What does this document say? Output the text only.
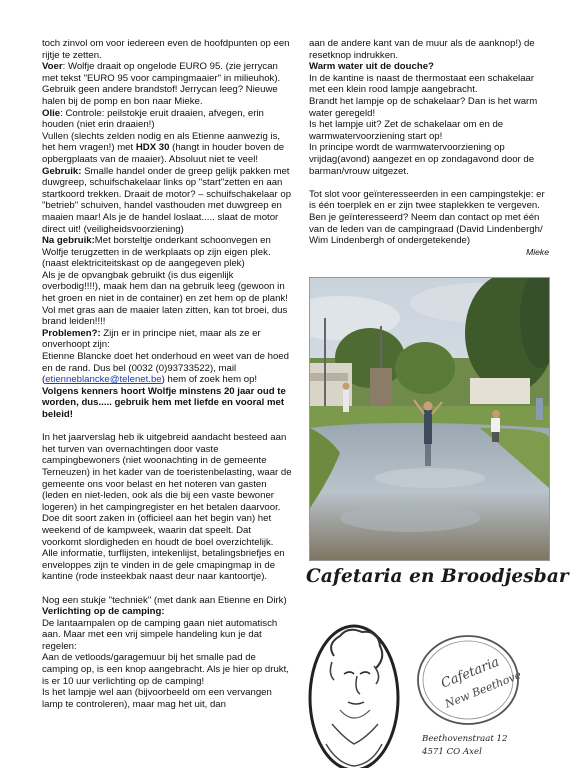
toch zinvol om voor iedereen even de hoofdpunten op een rijtje te zetten.

Voer: Wolfje draait op ongelode EURO 95. (zie jerrycan met tekst "EURO 95 voor campingmaaier" in milieuhok). Gebruik geen andere brandstof! Jerrycan leeg? Nieuwe halen bij de pomp en bon naar Mieke.

Olie: Controle: peilstokje eruit draaien, afvegen, erin houden (niet erin draaien!)

Vullen (slechts zelden nodig en als Etienne aanwezig is, het hem vragen!) met HDX 30 (hangt in houder boven de opbergplaats van de maaier). Absoluut niet te veel!

Gebruik: Smalle handel onder de greep gelijk pakken met duwgreep, schuifschakelaar links op "start"zetten en aan startkoord trekken. Draait de motor? – schuifschakelaar op "betrieb" schuiven, handel vasthouden met duwgreep en maaien maar! Als je de handel loslaat..... slaat de motor direct uit! (veiligheidsvoorziening)

Na gebruik:Met borsteltje onderkant schoonvegen en Wolfje terugzetten in de werkplaats op zijn eigen plek. (naast elektriciteitskast op de aangegeven plek)

Als je de opvangbak gebruikt (is dus eigenlijk overbodig!!!!), maak hem dan na gebruik leeg (gewoon in het groen en niet in de container) en zet hem op de plank! Vol met gras aan de maaier laten zitten, kan tot broei, dus brand leiden!!!!

Problemen?: Zijn er in principe niet, maar als ze er onverhoopt zijn:

Etienne Blancke doet het onderhoud en weet van de hoed en de rand. Dus bel (0032 (0)93733522), mail (etienneblancke@telenet.be) hem of zoek hem op!

Volgens kenners hoort Wolfje minstens 20 jaar oud te worden, dus..... gebruik hem met liefde en vooral met beleid!

In het jaarverslag heb ik uitgebreid aandacht besteed aan het turven van overnachtingen door vaste campingbewoners (niet woonachting in de gemeente Terneuzen) in het kader van de toeristenbelasting, waar de gemeente ons voor belast en het noteren van gasten (leden en niet-leden, ook als die bij een vaste bewoner logeren) in het campingregister en het betalen daarvoor. Doe dit soort zaken in (officieel aan het begin van) het weekend of de kampweek, waarin dat speelt. Dat voorkomt slordigheden en houdt de boel overzichtelijk.

Alle informatie, turflijsten, intekenlijst, betalingsbriefjes en enveloppes zijn te vinden in de gele cmapingmap in de kantine (rode insteekbak naast deur naar kantoortje).

Nog een stukje "techniek" (met dank aan Etienne en Dirk)

Verlichting op de camping:

De lantaarnpalen op de camping gaan niet automatisch aan. Maar met een vrij simpele handeling kun je dat regelen:

Aan de vetloods/garagemuur bij het smalle pad de camping op, is een knop aangebracht. Als je hier op drukt, is er 10 uur verlichting op de camping!

Is het lampje wel aan (bijvoorbeeld om een vervangen lamp te controleren), maar mag het uit, dan

aan de andere kant van de muur als de aanknop!) de resetknop indrukken.

Warm water uit de douche?

In de kantine is naast de thermostaat een schakelaar met een klein rood lampje aangebracht.

Brandt het lampje op de schakelaar? Dan is het warm water geregeld!

Is het lampje uit? Zet de schakelaar om en de warmwatervoorziening start op!

In principe wordt de warmwatervoorziening op vrijdag(avond) aangezet en op zondagavond door de barman/vrouw uitgezet.

Tot slot voor geïnteresseerden in een campingstekje: er is één toerplek en er zijn twee staplekken te vergeven. Ben je geïnteresseerd? Neem dan contact op met één van de leden van de campingraad (David Lindenbergh/ Wim Lindenbergh of ondergetekende)

Mieke

Cafetaria en Broodjesbar
Cafetaria
New Beethoven
Beethovenstraat 12
4571 CO Axel
